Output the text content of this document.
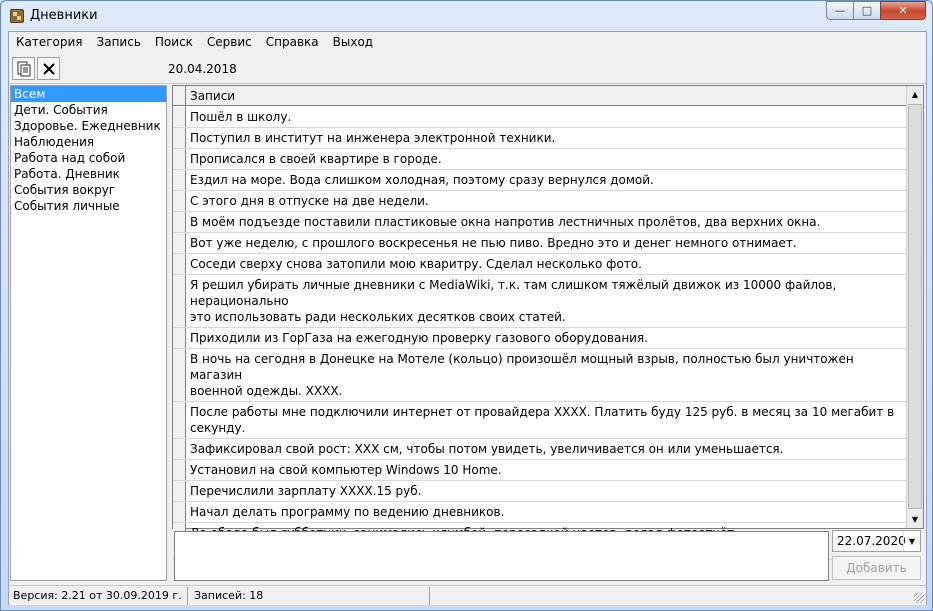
Дневники	— □ ✕
Категория	Запись	Поиск	Сервис	Справка	Выход
20.04.2018
Всем
Дети. События
Здоровье. Ежедневник
Наблюдения
Работа над собой
Работа. Дневник
События вокруг
События личные
Записи
Пошёл в школу.
Поступил в институт на инженера электронной техники.
Прописался в своей квартире в городе.
Ездил на море. Вода слишком холодная, поэтому сразу вернулся домой.
С этого дня в отпуске на две недели.
В моём подъезде поставили пластиковые окна напротив лестничных пролётов, два верхних окна.
Вот уже неделю, с прошлого воскресенья не пью пиво. Вредно это и денег немного отнимает.
Соседи сверху снова затопили мою кваритру. Сделал несколько фото.
Я решил убирать личные дневники с MediaWiki, т.к. там слишком тяжёлый движок из 10000 файлов, нерационально
это использовать ради нескольких десятков своих статей.
Приходили из ГорГаза на ежегодную проверку газового оборудования.
В ночь на сегодня в Донецке на Мотеле (кольцо) произошёл мощный взрыв, полностью был уничтожен магазин
военной одежды. XXXX.
После работы мне подключили интернет от провайдера XXXX. Платить буду 125 руб. в месяц за 10 мегабит в секунду.
Зафиксировал свой рост: XXX см, чтобы потом увидеть, увеличивается он или уменьшается.
Установил на свой компьютер Windows 10 Home.
Перечислили зарплату XXXX.15 руб.
Начал делать программу по ведению дневников.
▲
▼
22.07.2020 ▼
Добавить
Версия: 2.21 от 30.09.2019 г.	Записей: 18
